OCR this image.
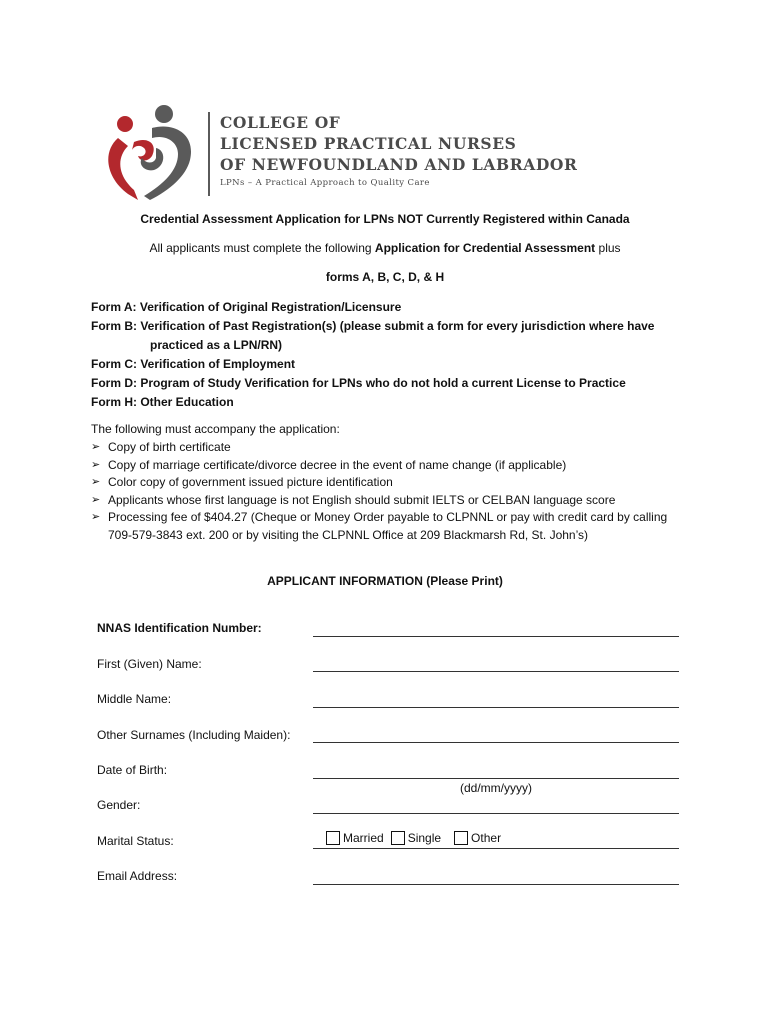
COLLEGE OF
LICENSED PRACTICAL NURSES
OF NEWFOUNDLAND AND LABRADOR
LPNs – A Practical Approach to Quality Care
Credential Assessment Application for LPNs NOT Currently Registered within Canada
All applicants must complete the following Application for Credential Assessment plus
forms A, B, C, D, & H
Form A: Verification of Original Registration/Licensure
Form B: Verification of Past Registration(s) (please submit a form for every jurisdiction where have
practiced as a LPN/RN)
Form C: Verification of Employment
Form D: Program of Study Verification for LPNs who do not hold a current License to Practice
Form H: Other Education
The following must accompany the application:
➢ Copy of birth certificate
➢ Copy of marriage certificate/divorce decree in the event of name change (if applicable)
➢ Color copy of government issued picture identification
➢ Applicants whose first language is not English should submit IELTS or CELBAN language score
➢ Processing fee of $404.27 (Cheque or Money Order payable to CLPNNL or pay with credit card by calling 709-579-3843 ext. 200 or by visiting the CLPNNL Office at 209 Blackmarsh Rd, St. John’s)
APPLICANT INFORMATION (Please Print)
NNAS Identification Number:
First (Given) Name:
Middle Name:
Other Surnames (Including Maiden):
Date of Birth:
(dd/mm/yyyy)
Gender:
Marital Status:	Married Single	Other
Email Address:
